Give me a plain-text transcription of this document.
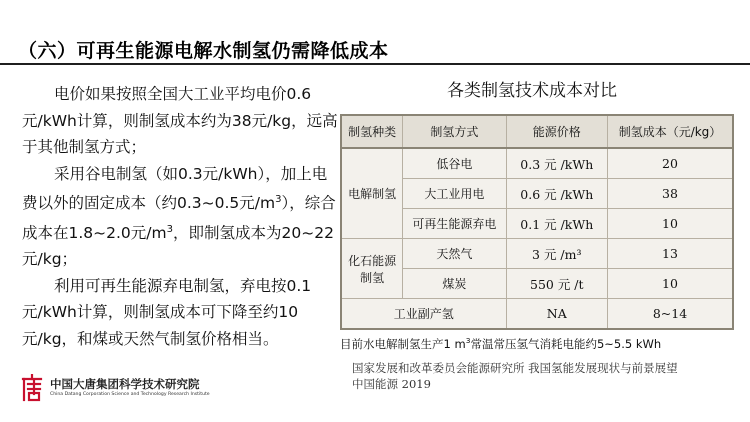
（六）可再生能源电解水制氢仍需降低成本

电价如果按照全国大工业平均电价0.6元/kWh计算，则制氢成本约为38元/kg，远高于其他制氢方式；

采用谷电制氢（如0.3元/kWh），加上电费以外的固定成本（约0.3~0.5元$/m^3$），综合成本在1.8~2.0元$/m^3$，即制氢成本为20~22元/kg；

利用可再生能源弃电制氢，弃电按0.1元/kWh计算，则制氢成本可下降至约10元/kg，和煤或天然气制氢价格相当。

各类制氢技术成本对比
制氢种类	制氢方式	能源价格	制氢成本（元/kg）
电解制氢	低谷电	0.3 元 /kWh	20
	大工业用电	0.6 元 /kWh	38
	可再生能源弃电	0.1 元 /kWh	10
化石能源制氢	天然气	3 元 /m³	13
	煤炭	550 元 /t	10
工业副产氢		NA	8~14
目前水电解制氢生产1 $m^3$常温常压氢气消耗电能约5~5.5 kWh
国家发展和改革委员会能源研究所 我国氢能发展现状与前景展望
中国能源 2019
中国大唐集团科学技术研究院
China Datang Corporation Science and Technology Research Institute
